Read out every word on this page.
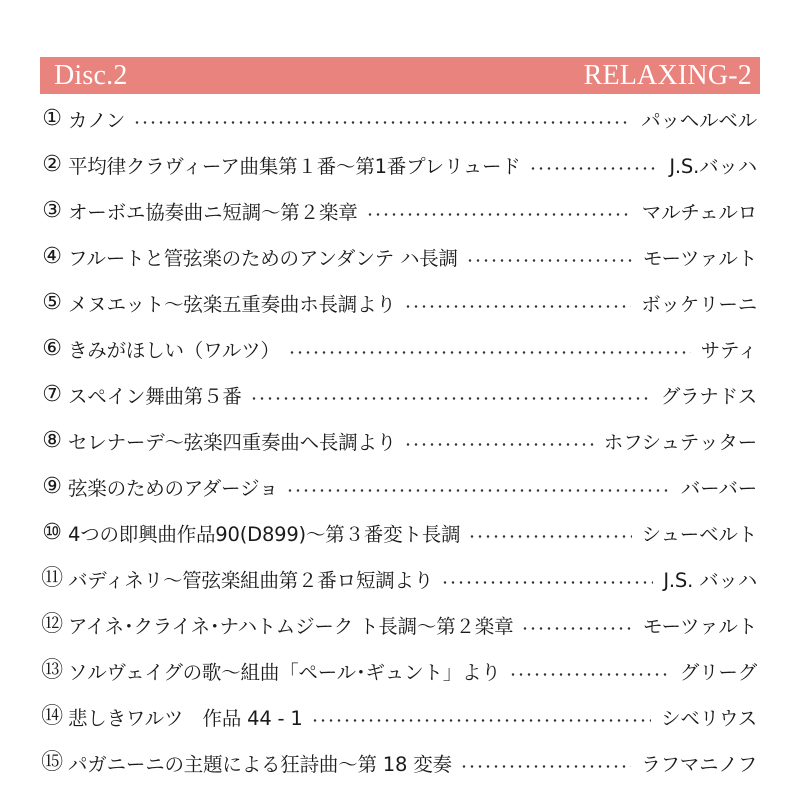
Disc.2	RELAXING-2
① カノン	パッヘルベル
② 平均律クラヴィーア曲集第１番～第1番プレリュード	J.S.バッハ
③ オーボエ協奏曲ニ短調～第２楽章	マルチェルロ
④ フルートと管弦楽のためのアンダンテ ハ長調	モーツァルト
⑤ メヌエット～弦楽五重奏曲ホ長調より	ボッケリーニ
⑥ きみがほしい（ワルツ）	サティ
⑦ スペイン舞曲第５番	グラナドス
⑧ セレナーデ～弦楽四重奏曲ヘ長調より	ホフシュテッター
⑨ 弦楽のためのアダージョ	バーバー
⑩ 4つの即興曲作品90(D899)～第３番変ト長調	シューベルト
⑪ バディネリ～管弦楽組曲第２番ロ短調より	J.S. バッハ
⑫ アイネ･クライネ･ナハトムジーク ト長調～第２楽章	モーツァルト
⑬ ソルヴェイグの歌～組曲「ペール･ギュント」より	グリーグ
⑭ 悲しきワルツ　作品 44 - 1	シベリウス
⑮ パガニーニの主題による狂詩曲～第 18 変奏	ラフマニノフ
